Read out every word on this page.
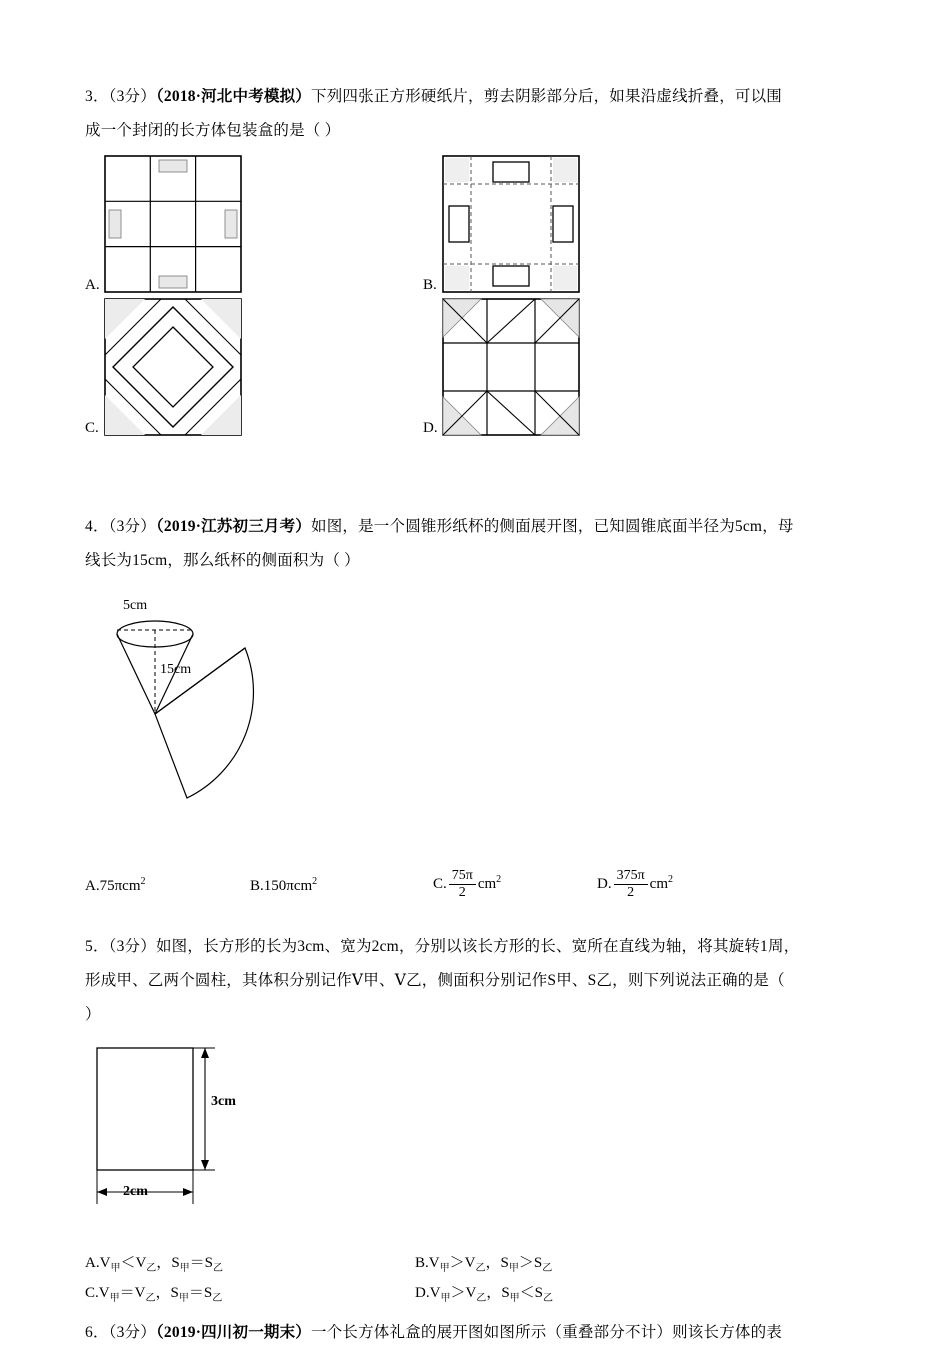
3．（3分）（2018·河北中考模拟）下列四张正方形硬纸片，剪去阴影部分后，如果沿虚线折叠，可以围
成一个封闭的长方体包装盒的是（ ）
A.	B.
C.	D.
4．（3分）（2019·江苏初三月考）如图，是一个圆锥形纸杯的侧面展开图，已知圆锥底面半径为5cm，母
线长为15cm，那么纸杯的侧面积为（ ）
5cm
15cm
A.75πcm$^2$	B.150πcm$^2$	C. $\frac{75\pi}{2} cm^2$	D. $\frac{375\pi}{2} cm^2$
5．（3分）如图，长方形的长为3cm、宽为2cm，分别以该长方形的长、宽所在直线为轴，将其旋转1周，
形成甲、乙两个圆柱，其体积分别记作Ⅴ甲、Ⅴ乙，侧面积分别记作S甲、S乙，则下列说法正确的是（
）
3cm
2cm
$A.V_甲<V_乙$，$S_甲=S_乙$	$B.V_甲>V_乙$，$S_甲>S_乙$
$C.V_甲=V_乙$，$S_甲=S_乙$	$D.V_甲>V_乙$，$S_甲<S_乙$
6．（3分）（2019·四川初一期末）一个长方体礼盒的展开图如图所示（重叠部分不计）则该长方体的表
